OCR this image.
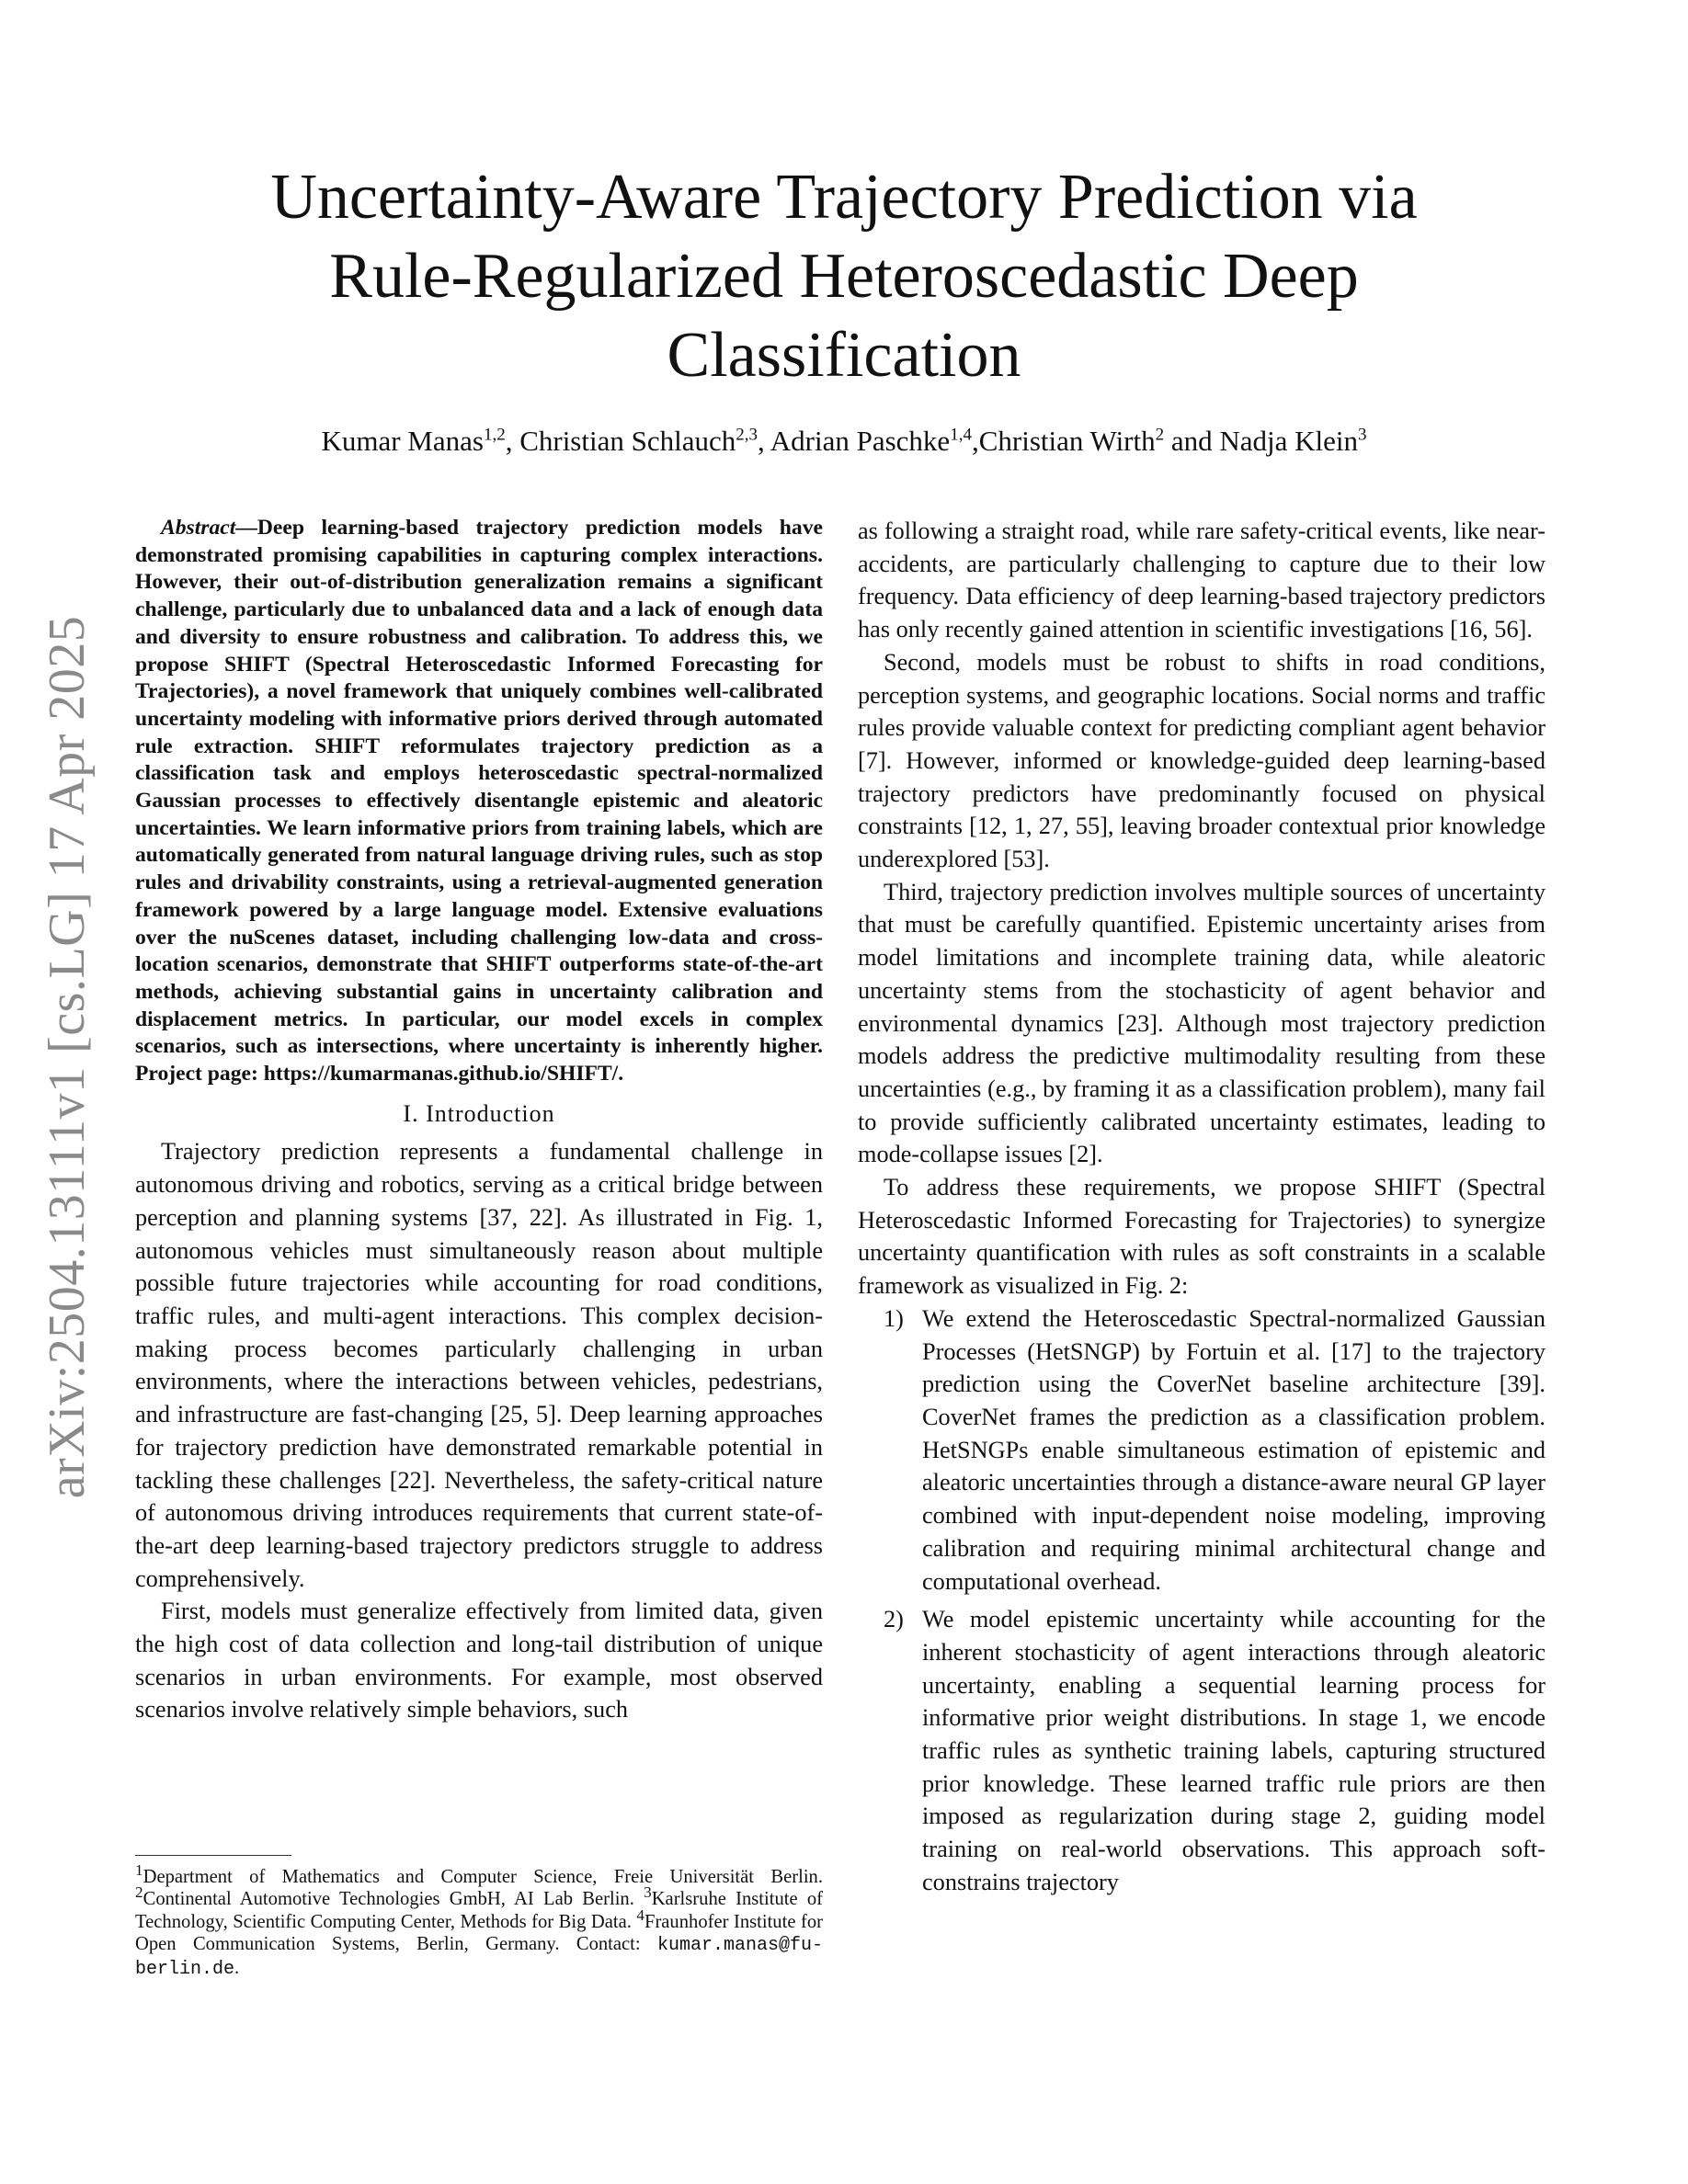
arXiv:2504.13111v1 [cs.LG] 17 Apr 2025
Uncertainty-Aware Trajectory Prediction via
Rule-Regularized Heteroscedastic Deep
Classification
Kumar Manas$^{1,2}$, Christian Schlauch$^{2,3}$, Adrian Paschke$^{1,4}$,Christian Wirth$^2$ and Nadja Klein$^3$

Abstract—Deep learning-based trajectory prediction models have demonstrated promising capabilities in capturing complex interactions. However, their out-of-distribution generalization remains a significant challenge, particularly due to unbalanced data and a lack of enough data and diversity to ensure robustness and calibration. To address this, we propose SHIFT (Spectral Heteroscedastic Informed Forecasting for Trajectories), a novel framework that uniquely combines well-calibrated uncertainty modeling with informative priors derived through automated rule extraction. SHIFT reformulates trajectory prediction as a classification task and employs heteroscedastic spectral-normalized Gaussian processes to effectively disentangle epistemic and aleatoric uncertainties. We learn informative priors from training labels, which are automatically generated from natural language driving rules, such as stop rules and drivability constraints, using a retrieval-augmented generation framework powered by a large language model. Extensive evaluations over the nuScenes dataset, including challenging low-data and cross-location scenarios, demonstrate that SHIFT outperforms state-of-the-art methods, achieving substantial gains in uncertainty calibration and displacement metrics. In particular, our model excels in complex scenarios, such as intersections, where uncertainty is inherently higher. Project page: https://kumarmanas.github.io/SHIFT/.

I. Introduction

Trajectory prediction represents a fundamental challenge in autonomous driving and robotics, serving as a critical bridge between perception and planning systems [37, 22]. As illustrated in Fig. 1, autonomous vehicles must simultaneously reason about multiple possible future trajectories while accounting for road conditions, traffic rules, and multi-agent interactions. This complex decision-making process becomes particularly challenging in urban environments, where the interactions between vehicles, pedestrians, and infrastructure are fast-changing [25, 5]. Deep learning approaches for trajectory prediction have demonstrated remarkable potential in tackling these challenges [22]. Nevertheless, the safety-critical nature of autonomous driving introduces requirements that current state-of-the-art deep learning-based trajectory predictors struggle to address comprehensively.

First, models must generalize effectively from limited data, given the high cost of data collection and long-tail distribution of unique scenarios in urban environments. For example, most observed scenarios involve relatively simple behaviors, such

$^1$Department of Mathematics and Computer Science, Freie Universität Berlin. $^2$Continental Automotive Technologies GmbH, AI Lab Berlin. $^3$Karlsruhe Institute of Technology, Scientific Computing Center, Methods for Big Data. $^4$Fraunhofer Institute for Open Communication Systems, Berlin, Germany. Contact: kumar.manas@fu-berlin.de.

as following a straight road, while rare safety-critical events, like near-accidents, are particularly challenging to capture due to their low frequency. Data efficiency of deep learning-based trajectory predictors has only recently gained attention in scientific investigations [16, 56].

Second, models must be robust to shifts in road conditions, perception systems, and geographic locations. Social norms and traffic rules provide valuable context for predicting compliant agent behavior [7]. However, informed or knowledge-guided deep learning-based trajectory predictors have predominantly focused on physical constraints [12, 1, 27, 55], leaving broader contextual prior knowledge underexplored [53].

Third, trajectory prediction involves multiple sources of uncertainty that must be carefully quantified. Epistemic uncertainty arises from model limitations and incomplete training data, while aleatoric uncertainty stems from the stochasticity of agent behavior and environmental dynamics [23]. Although most trajectory prediction models address the predictive multimodality resulting from these uncertainties (e.g., by framing it as a classification problem), many fail to provide sufficiently calibrated uncertainty estimates, leading to mode-collapse issues [2].

To address these requirements, we propose SHIFT (Spectral Heteroscedastic Informed Forecasting for Trajectories) to synergize uncertainty quantification with rules as soft constraints in a scalable framework as visualized in Fig. 2:

1) We extend the Heteroscedastic Spectral-normalized Gaussian Processes (HetSNGP) by Fortuin et al. [17] to the trajectory prediction using the CoverNet baseline architecture [39]. CoverNet frames the prediction as a classification problem. HetSNGPs enable simultaneous estimation of epistemic and aleatoric uncertainties through a distance-aware neural GP layer combined with input-dependent noise modeling, improving calibration and requiring minimal architectural change and computational overhead.
2) We model epistemic uncertainty while accounting for the inherent stochasticity of agent interactions through aleatoric uncertainty, enabling a sequential learning process for informative prior weight distributions. In stage 1, we encode traffic rules as synthetic training labels, capturing structured prior knowledge. These learned traffic rule priors are then imposed as regularization during stage 2, guiding model training on real-world observations. This approach soft-constrains trajectory
